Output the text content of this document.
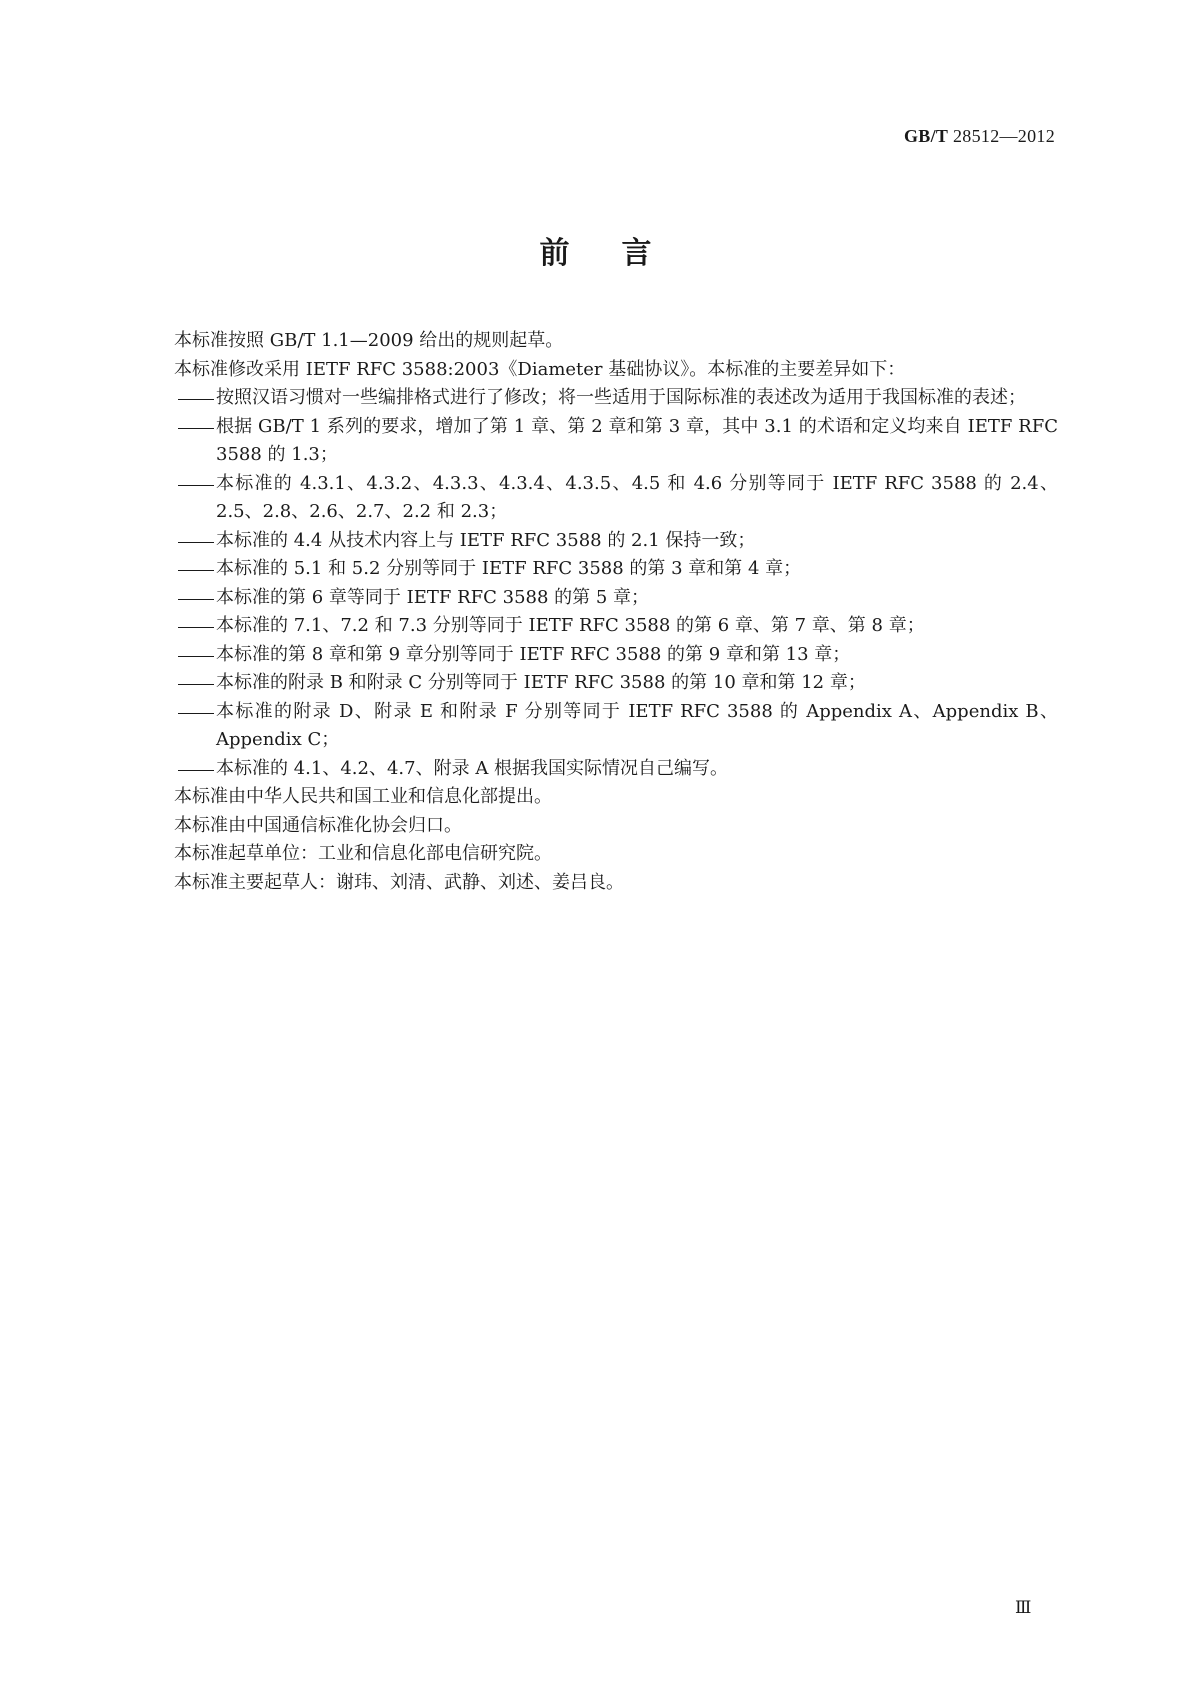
GB/T 28512—2012
前言

本标准按照 GB/T 1.1—2009 给出的规则起草。

本标准修改采用 IETF RFC 3588:2003《Diameter 基础协议》。本标准的主要差异如下：

按照汉语习惯对一些编排格式进行了修改；将一些适用于国际标准的表述改为适用于我国标准的表述；
根据 GB/T 1 系列的要求，增加了第 1 章、第 2 章和第 3 章，其中 3.1 的术语和定义均来自 IETF RFC 3588 的 1.3；
本标准的 4.3.1、4.3.2、4.3.3、4.3.4、4.3.5、4.5 和 4.6 分别等同于 IETF RFC 3588 的 2.4、2.5、2.8、2.6、2.7、2.2 和 2.3；
本标准的 4.4 从技术内容上与 IETF RFC 3588 的 2.1 保持一致；
本标准的 5.1 和 5.2 分别等同于 IETF RFC 3588 的第 3 章和第 4 章；
本标准的第 6 章等同于 IETF RFC 3588 的第 5 章；
本标准的 7.1、7.2 和 7.3 分别等同于 IETF RFC 3588 的第 6 章、第 7 章、第 8 章；
本标准的第 8 章和第 9 章分别等同于 IETF RFC 3588 的第 9 章和第 13 章；
本标准的附录 B 和附录 C 分别等同于 IETF RFC 3588 的第 10 章和第 12 章；
本标准的附录 D、附录 E 和附录 F 分别等同于 IETF RFC 3588 的 Appendix A、Appendix B、Appendix C；
本标准的 4.1、4.2、4.7、附录 A 根据我国实际情况自己编写。

本标准由中华人民共和国工业和信息化部提出。

本标准由中国通信标准化协会归口。

本标准起草单位：工业和信息化部电信研究院。

本标准主要起草人：谢玮、刘清、武静、刘述、姜吕良。

Ⅲ
